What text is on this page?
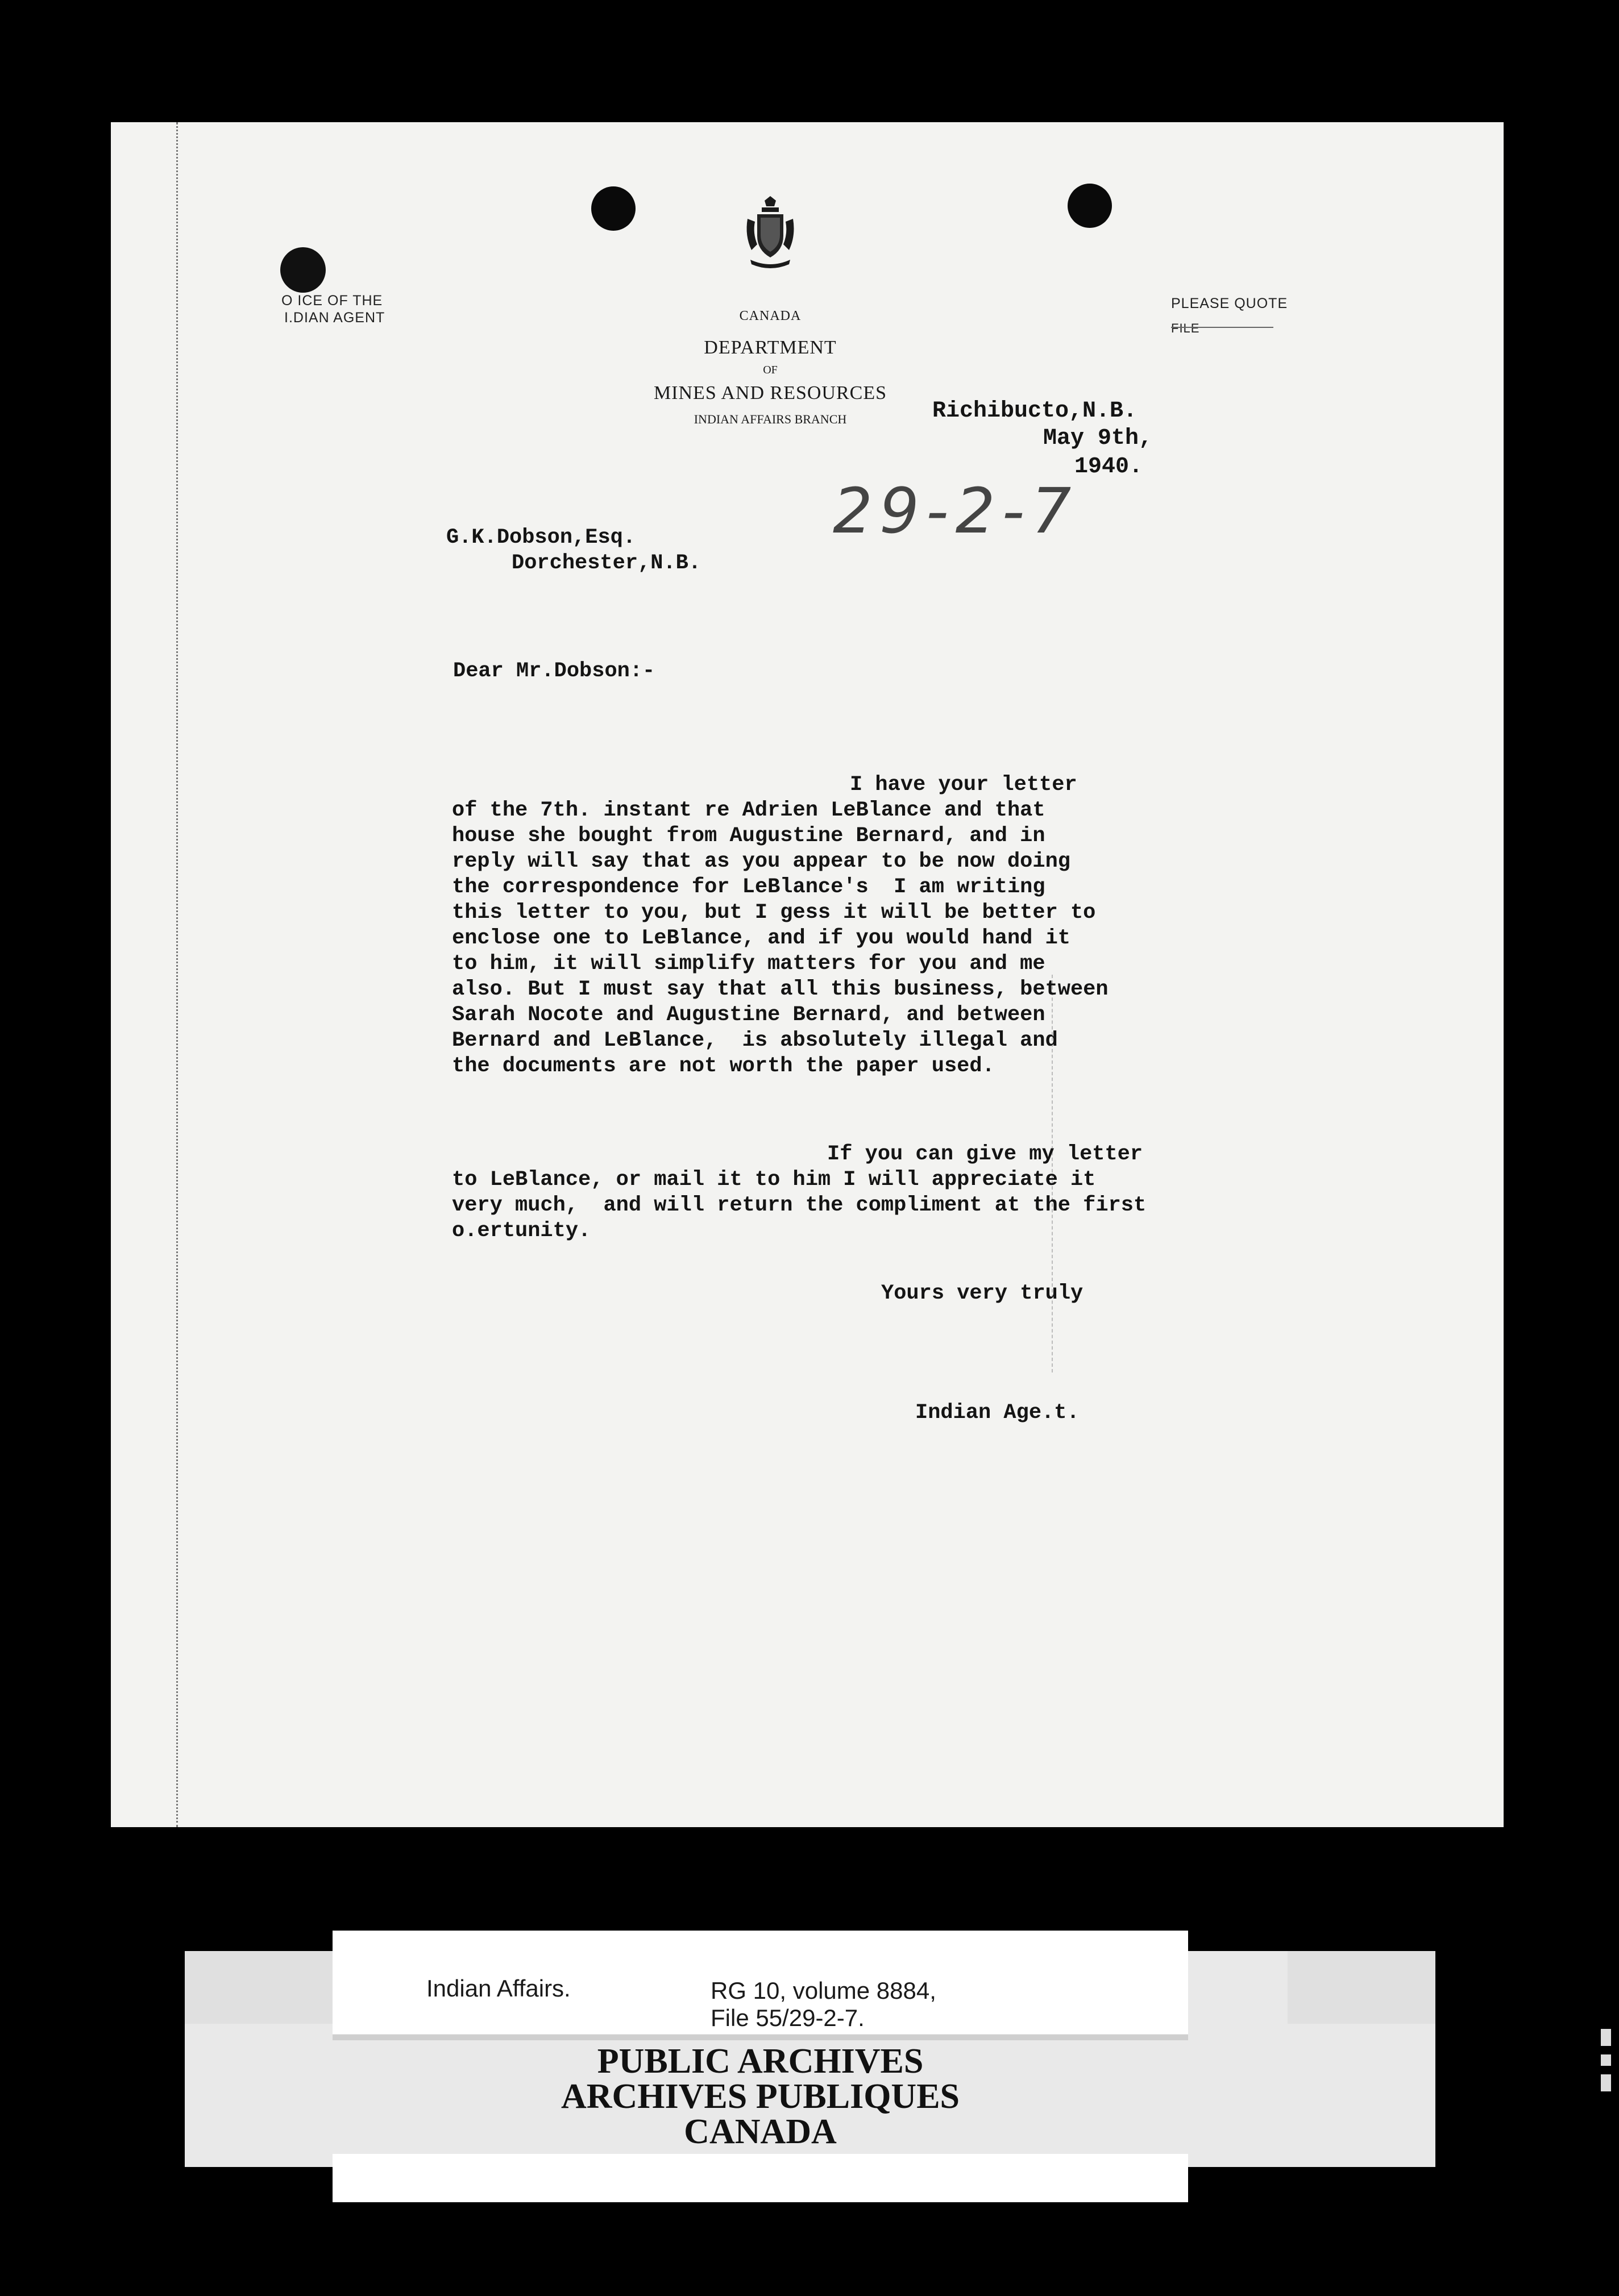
O ICE OF THE
I.DIAN AGENT	CANADA
DEPARTMENT
OF
MINES AND RESOURCES
INDIAN AFFAIRS BRANCH
PLEASE QUOTE
FILE
Richibucto,N.B.
May 9th,
1940.
29-2-7
G.K.Dobson,Esq.
Dorchester,N.B.
Dear Mr.Dobson:-
I have your letter
of the 7th. instant re Adrien LeBlance and that
house she bought from Augustine Bernard, and in
reply will say that as you appear to be now doing
the correspondence for LeBlance's  I am writing
this letter to you, but I gess it will be better to
enclose one to LeBlance, and if you would hand it
to him, it will simplify matters for you and me
also. But I must say that all this business, between
Sarah Nocote and Augustine Bernard, and between
Bernard and LeBlance,  is absolutely illegal and
the documents are not worth the paper used.
If you can give my letter
to LeBlance, or mail it to him I will appreciate it
very much,  and will return the compliment at the first
o.ertunity.
Yours very truly
Indian Age.t.
Indian Affairs.	RG 10, volume 8884,
File 55/29-2-7.
PUBLIC ARCHIVES
ARCHIVES PUBLIQUES
CANADA
